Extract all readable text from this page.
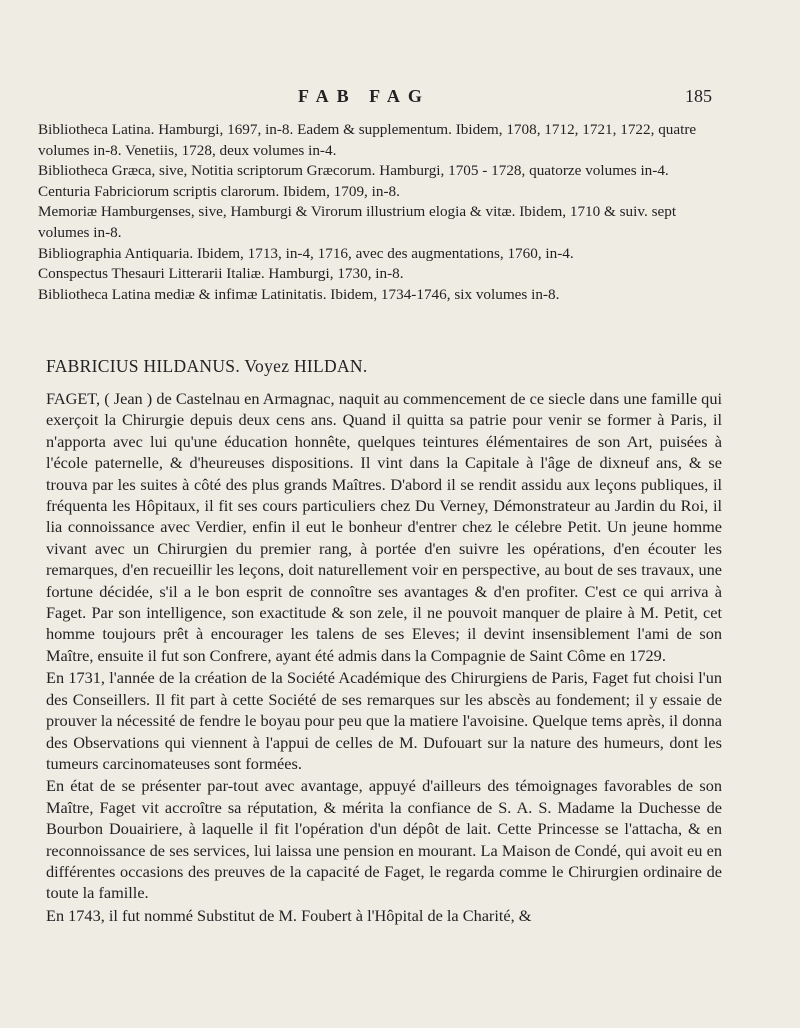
FAB FAG	185

Bibliotheca Latina. Hamburgi, 1697, in-8. Eadem & supplementum. Ibidem, 1708, 1712, 1721, 1722, quatre volumes in-8. Venetiis, 1728, deux volumes in-4.

Bibliotheca Græca, sive, Notitia scriptorum Græcorum. Hamburgi, 1705 - 1728, quatorze volumes in-4.

Centuria Fabriciorum scriptis clarorum. Ibidem, 1709, in-8.

Memoriæ Hamburgenses, sive, Hamburgi & Virorum illustrium elogia & vitæ. Ibidem, 1710 & suiv. sept volumes in-8.

Bibliographia Antiquaria. Ibidem, 1713, in-4, 1716, avec des augmentations, 1760, in-4.

Conspectus Thesauri Litterarii Italiæ. Hamburgi, 1730, in-8.

Bibliotheca Latina mediæ & infimæ Latinitatis. Ibidem, 1734-1746, six volumes in-8.

FABRICIUS HILDANUS. Voyez HILDAN.

FAGET, ( Jean ) de Castelnau en Armagnac, naquit au commencement de ce siecle dans une famille qui exerçoit la Chirurgie depuis deux cens ans. Quand il quitta sa patrie pour venir se former à Paris, il n'apporta avec lui qu'une éducation honnête, quelques teintures élémentaires de son Art, puisées à l'école paternelle, & d'heureuses dispositions. Il vint dans la Capitale à l'âge de dixneuf ans, & se trouva par les suites à côté des plus grands Maîtres. D'abord il se rendit assidu aux leçons publiques, il fréquenta les Hôpitaux, il fit ses cours particuliers chez Du Verney, Démonstrateur au Jardin du Roi, il lia connoissance avec Verdier, enfin il eut le bonheur d'entrer chez le célebre Petit. Un jeune homme vivant avec un Chirurgien du premier rang, à portée d'en suivre les opérations, d'en écouter les remarques, d'en recueillir les leçons, doit naturellement voir en perspective, au bout de ses travaux, une fortune décidée, s'il a le bon esprit de connoître ses avantages & d'en profiter. C'est ce qui arriva à Faget. Par son intelligence, son exactitude & son zele, il ne pouvoit manquer de plaire à M. Petit, cet homme toujours prêt à encourager les talens de ses Eleves; il devint insensiblement l'ami de son Maître, ensuite il fut son Confrere, ayant été admis dans la Compagnie de Saint Côme en 1729.

En 1731, l'année de la création de la Société Académique des Chirurgiens de Paris, Faget fut choisi l'un des Conseillers. Il fit part à cette Société de ses remarques sur les abscès au fondement; il y essaie de prouver la nécessité de fendre le boyau pour peu que la matiere l'avoisine. Quelque tems après, il donna des Observations qui viennent à l'appui de celles de M. Dufouart sur la nature des humeurs, dont les tumeurs carcinomateuses sont formées.

En état de se présenter par-tout avec avantage, appuyé d'ailleurs des témoignages favorables de son Maître, Faget vit accroître sa réputation, & mérita la confiance de S. A. S. Madame la Duchesse de Bourbon Douairiere, à laquelle il fit l'opération d'un dépôt de lait. Cette Princesse se l'attacha, & en reconnoissance de ses services, lui laissa une pension en mourant. La Maison de Condé, qui avoit eu en différentes occasions des preuves de la capacité de Faget, le regarda comme le Chirurgien ordinaire de toute la famille.

En 1743, il fut nommé Substitut de M. Foubert à l'Hôpital de la Charité, &
